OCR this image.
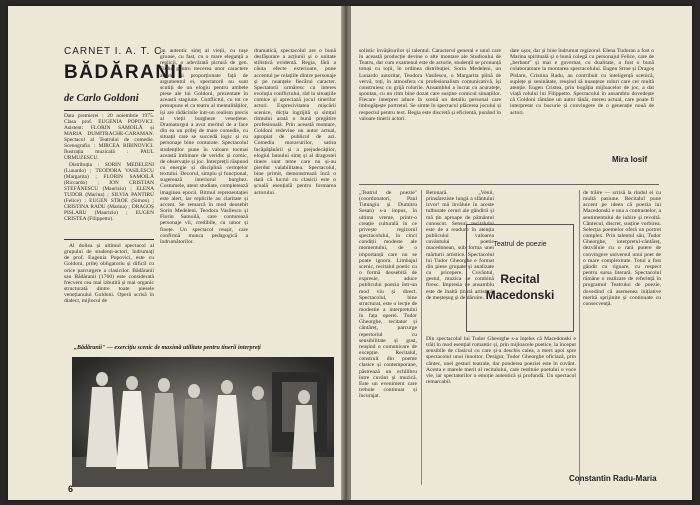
CARNET I. A. T. C.
BĂDĂRANII
de Carlo Goldoni

Data premierei : 20 noiembrie 1975. Clasa prof. EUGENIA POPOVICI. Asistent: FLORIN SAMOILĂ și MARIA DUMITRACHE-CARAMAN. Spectacol al Teatrului de comedie. Scenografia : MIRCEA RIBINOVICI. Ilustrația muzicală : PAUL URMUZESCU.

Distribuția : SORIN MEDELENI (Lunardo) ; TEODORA VASILESCU (Margarita) ; FLORIN SAMOILĂ (Riccardo) ; ION CRISTIAN STEFĂNESCU (Maurizio) ; ELENA TUDOR (Marina) ; SILVIA PANTIRU (Felice) ; EUGEN STROE (Simon) ; CRISTINA RADU (Marina) ; DRAGOȘ PISLARU (Maurizio) ; EUGEN CRISTEA (Filippetto).

Al doilea și ultimul spectacol al grupului de studenți-actori, îndrumați de prof. Eugenia Popovici, este cu Goldoni, prilej obligatoriu și dificil cu orice parcurgere a clasicilor. Bădăranii sau Bădăranii (1760) este considerată frecvent cea mai izbutită și mai organic structurată dintre toate piesele venețianului Goldoni. Operă scrisă în dialect, mijlocul de

un autentic simț al vieții, cu tușe groase, cu fast, cu o mare eleganță a replicii, o adevărată pictură de gen. Fiului pentru trecerea unor caractere atente și proporționate față de argumentul ei, spectatorii nu sunt scutiți de un elogiu pentru ambele piese ale lui Goldoni, prezentate în această stagiune. Conflictul, cu tot ce presupune el ca teatru al mentalităților, își are rădăcinile într-un realism precis al vieții burgheze venețiene. Dramaturgul a avut meritul de a face din ea un prilej de mare comedie, cu situații care se succedă logic și cu personaje bine conturate. Spectacolul studenților pune în valoare tocmai această îmbinare de veridic și comic, de observație și joc. Interpreții răspund cu energie și disciplină cerințelor textului. Decorul, simplu și funcțional, sugerează interiorul burghez. Costumele, atent studiate, completează imaginea epocii. Ritmul reprezentației este alert, iar replicile au claritate și accent. Se remarcă în mod deosebit Sorin Medeleni, Teodora Vasilescu și Florin Samoilă, care conturează personaje vii, credibile, cu umor și finețe. Un spectacol reușit, care confirmă munca pedagogică a îndrumătorilor.

dramatică, spectacolul are o bună desfășurare a acțiunii și o unitate stilistică evidentă. Regia, fără a căuta efecte exterioare, pune accentul pe relațiile dintre personaje și pe nuanțele fiecărui caracter. Spectatorii urmăresc cu interes evoluția conflictului, râd la situațiile comice și apreciază jocul tinerilor actori. Expresivitatea mișcării scenice, dicția îngrijită și simțul ritmului arată o bună pregătire profesională. Prin această montare, Goldoni redevine un autor actual, apropiat de publicul de azi. Comedia moravurilor, satira încăpățânării și a prejudecăților, elogiul bunului simț și al dragostei tinere sunt teme care nu și-au pierdut valabilitatea. Spectacolul, bine primit, demonstrează încă o dată că lucrul cu clasicii este o școală esențială pentru formarea actorului.

„Bădăranii" — exercițiu scenic de maximă utilitate pentru tinerii interpreți
6

solistic învățăturilor și talentul. Caracterul general e unul care în această producție devine o alte montare ale Studioului de Teatru, dar cum examenul este de actorie, studenții se pronunță totuși cu toții, în ordinea distribuției. Sorin Medeleni, un Lunardo autoritar, Teodora Vasilescu, o Margarita plină de vervă, toți, în atmosfera cu profesionalism comunicativă, își construiesc cu grijă rolurile. Ansamblul a lucrat cu acuratețe, spontan, cu un ritm bine dozat care susține comicul situațiilor. Fiecare interpret aduce în scenă un detaliu personal care îmbogățește portretul. Se simte în spectacol plăcerea jocului și respectul pentru text. Regia este discretă și eficientă, punând în valoare tinerii actori.

date ușor, dar și bine îndrumat regizoral. Elena Tudoran a fost o Marina spirituală și o bună colegă cu personajul Felice, care de „berbant" și mai e guvernat, cu dualitate, a fost o bună colaboratoare la montarea spectacolului. Eugen Stroe și Dragoș Pislaru, Cristina Radu, au contribuit cu inteligență scenică, suplețe și seninătate, reușind să nuanțeze roluri care cer multă atenție. Eugen Cristea, prin bogăția mijloacelor de joc, a dat viață rolului lui Filippetto. Spectacolul în ansamblu dovedește că Goldoni rămâne un autor tânăr, mereu actual, care poate fi interpretat cu bucurie și convingere de o generație nouă de actori.

Mira Iosif

„Teatrul de poezie" (coordonatori, Paul Tutungiu și Dumitru Sesan) s-a impus, în ultima vreme, printr-o creație culturală în ce privește regizorul spectacolului, în cinci condiții modeste ale momentului, de o importanță care nu se poate ignora. Limbajul scenic, recitalul poetic cu o formă deosebită de expresie, aduce publicului poezia într-un mod viu și direct. Spectacolul, bine structurat, este o lecție de modestie a interpretului în fața operei. Tudor Gheorghe, recitator și cântăreț, parcurge repertoriul cu sensibilitate și gust, reușind o comunicare de excepție. Recitalul, construit din poeme clasice și contemporane, păstrează un echilibru între cuvânt și muzică. Este un eveniment care trebuie continuat și încurajat.

Betonară. „Venii, prinsăreziste lungă a sfântului izvor! mă învăluie în aceste tulburate ceruri ale gândirii și mă țin aproape de pământul cunoscut. Sensul recitalului este de a readuce în atenția publicului valoarea cuvântului poetic macedonean, sub forma unei mărturii artistice. Spectacolul lui Tudor Gheorghe e format din piese grupate și analizate cu pricepere. Cuvântul, gestul, muzica se combină firesc. Impresia de ansamblu este de înaltă ținută artistică, de meșteșug și de dăruire.

Teatrul de poezie
Recital
Macedonski

Din spectacolul lui Tudor Gheorghe s-a înțeles că Macedonski e trăit în mod esențial romantic și, prin mijloacele poetice, la început sensibile de clasicul cu care și-a deschis calea, a mers apoi spre spectacolul unui înnoitor. Desigur, Tudor Gheorghe oficiază, prin cântec, unei gesturi teatrale, dar ponderea poeziei este în cuvânt. Acesta e marele merit al recitalului, care restituie poetului o voce vie, iar spectatorilor o emoție autentică și profundă. Un spectacol remarcabil.

de trăire — scrisă la rîndul ei cu multă pasiune. Recitalul pune accent pe ideea că poezia lui Macedonski e una a contrastelor, a sentimentului de iubire și revoltă. Cântecul, discret, susține vorbirea. Selecția poemelor oferă un portret complex. Prin talentul său, Tudor Gheorghe, interpretul-cântăreț, dezvăluie cu o rară putere de convingere universul unui poet de o mare complexitate. Totul a fost gândit cu rigoare, cu respect pentru sursa literară. Spectacolul rămâne o realizare de referință în programul Teatrului de poezie, dovedind că asemenea inițiative merită sprijinite și continuate cu consecvență.

Constantin Radu-Maria
